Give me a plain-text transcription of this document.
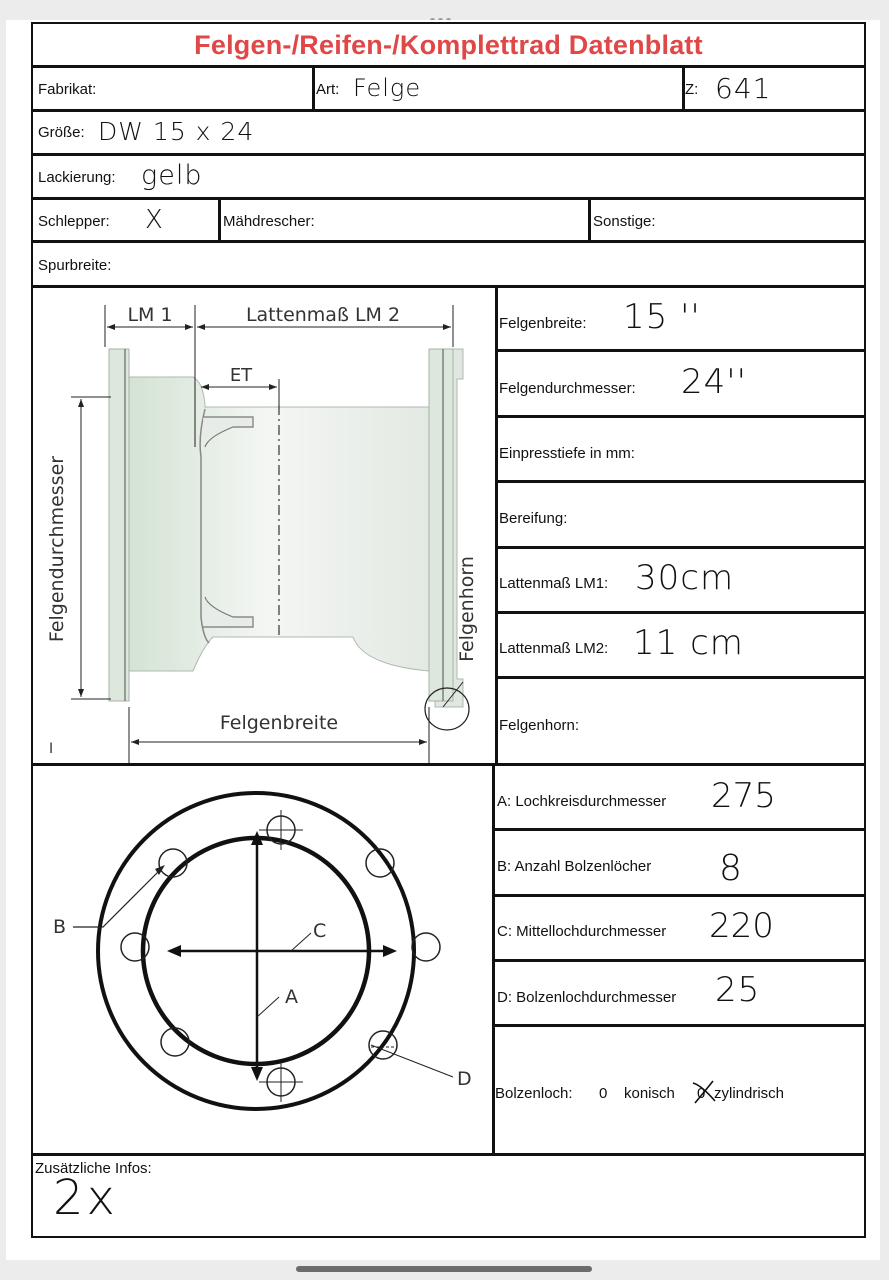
Felgen-/Reifen-/Komplettrad Datenblatt
Fabrikat:	Art: Felge	Z: 641
Größe: DW 15 x 24
Lackierung: gelb
Schlepper: X	Mähdrescher:	Sonstige:
Spurbreite:
LM 1	Lattenmaß LM 2
ET
Felgendurchmesser	Felgenhorn
Felgenbreite
I
Felgenbreite: 15 ''
Felgendurchmesser: 24''
Einpresstiefe in mm:
Bereifung:
Lattenmaß LM1: 30cm
Lattenmaß LM2: 11 cm
Felgenhorn:
A
C
B
D
A: Lochkreisdurchmesser 275
B: Anzahl Bolzenlöcher 8
C: Mittellochdurchmesser 220
D: Bolzenlochdurchmesser 25
Bolzenloch: 0 konisch 0 zylindrisch
Zusätzliche Infos:
2x
